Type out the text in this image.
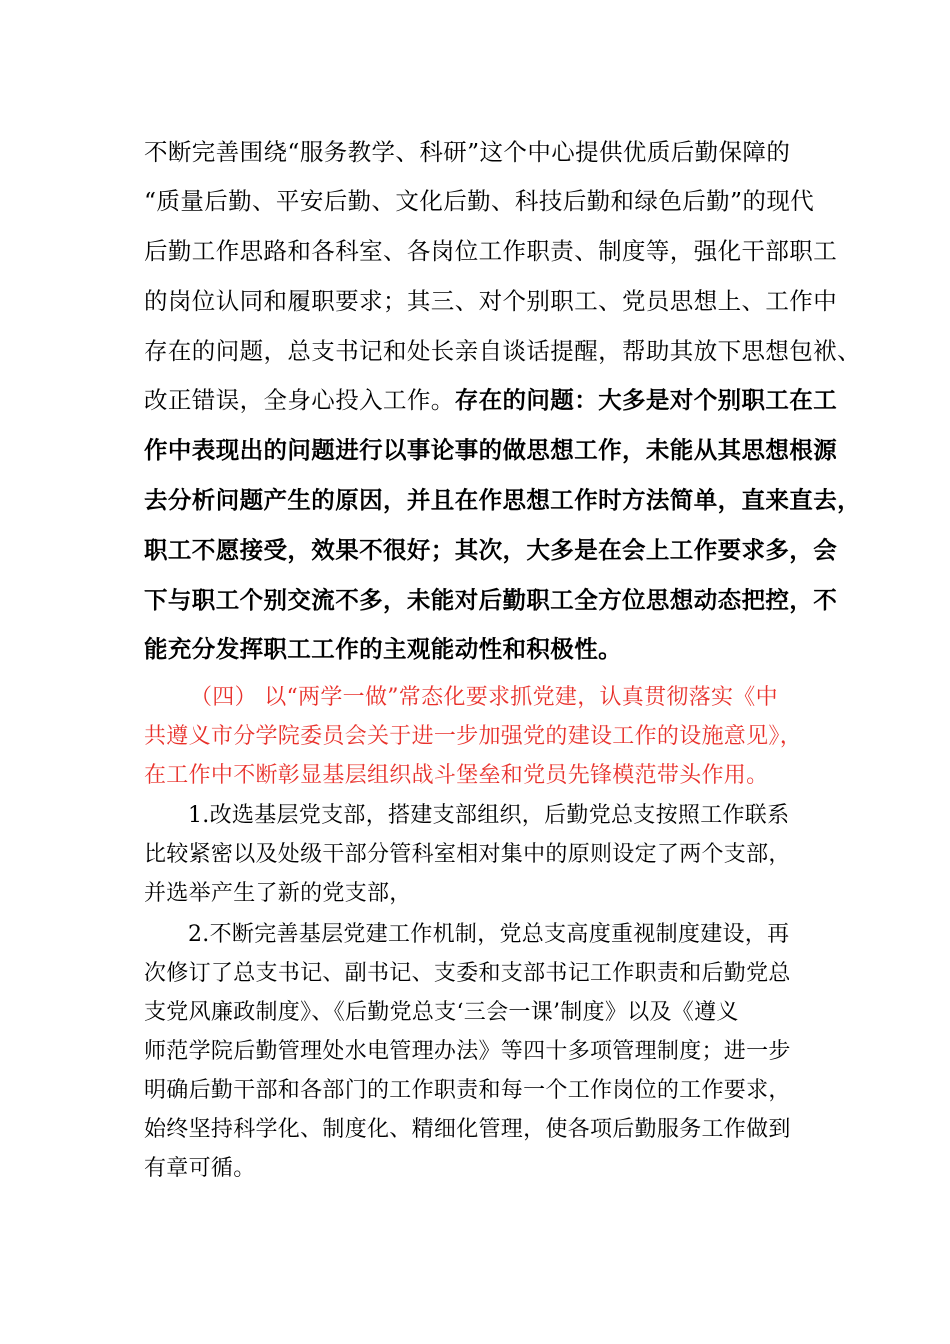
不断完善围绕“服务教学、科研”这个中心提供优质后勤保障的
“质量后勤、平安后勤、文化后勤、科技后勤和绿色后勤”的现代
后勤工作思路和各科室、各岗位工作职责、制度等，强化干部职工
的岗位认同和履职要求；其三、对个别职工、党员思想上、工作中
存在的问题，总支书记和处长亲自谈话提醒，帮助其放下思想包袱、
改正错误，全身心投入工作。存在的问题：大多是对个别职工在工
作中表现出的问题进行以事论事的做思想工作，未能从其思想根源
去分析问题产生的原因，并且在作思想工作时方法简单，直来直去，
职工不愿接受，效果不很好；其次，大多是在会上工作要求多，会
下与职工个别交流不多，未能对后勤职工全方位思想动态把控，不
能充分发挥职工工作的主观能动性和积极性。
（四） 以“两学一做”常态化要求抓党建，认真贯彻落实《中
共遵义市分学院委员会关于进一步加强党的建设工作的设施意见》，
在工作中不断彰显基层组织战斗堡垒和党员先锋模范带头作用。
1.改选基层党支部，搭建支部组织，后勤党总支按照工作联系
比较紧密以及处级干部分管科室相对集中的原则设定了两个支部，
并选举产生了新的党支部，
2.不断完善基层党建工作机制，党总支高度重视制度建设，再
次修订了总支书记、副书记、支委和支部书记工作职责和后勤党总
支党风廉政制度》、《后勤党总支‘三会一课’制度》以及《遵义
师范学院后勤管理处水电管理办法》等四十多项管理制度；进一步
明确后勤干部和各部门的工作职责和每一个工作岗位的工作要求，
始终坚持科学化、制度化、精细化管理，使各项后勤服务工作做到
有章可循。
